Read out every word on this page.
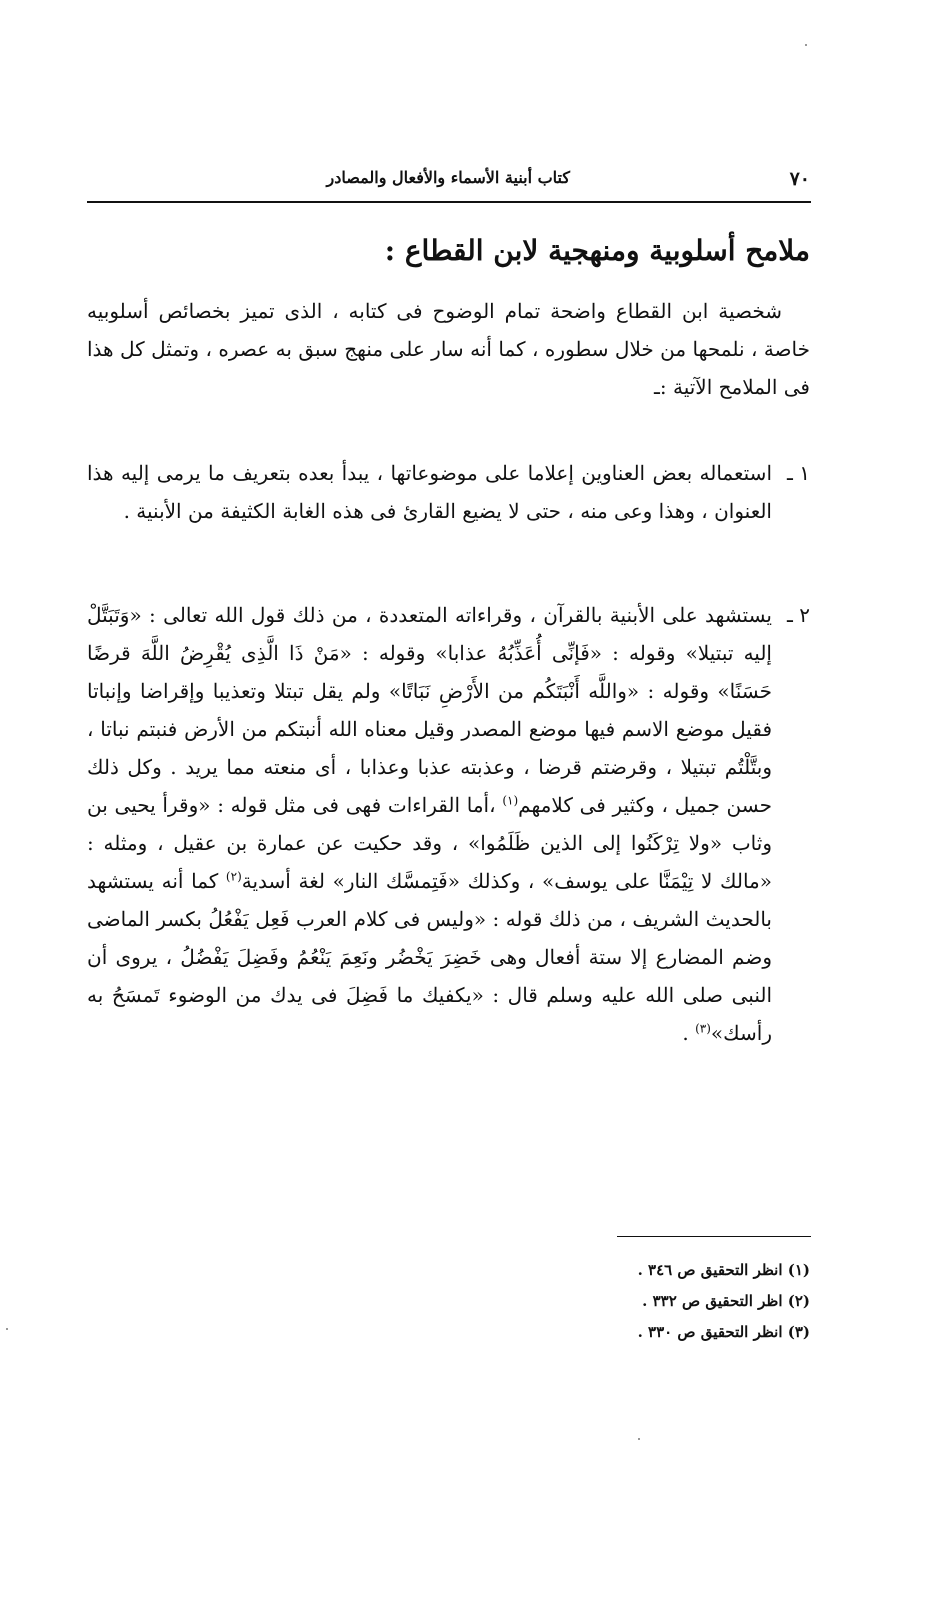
٧٠
كتاب أبنية الأسماء والأفعال والمصادر
ملامح أسلوبية ومنهجية لابن القطاع :
شخصية ابن القطاع واضحة تمام الوضوح فى كتابه ، الذى تميز بخصائص أسلوبيه خاصة ، نلمحها من خلال سطوره ، كما أنه سار على منهج سبق به عصره ، وتمثل كل هذا فى الملامح الآتية :ـ
١ ـ
استعماله بعض العناوين إعلاما على موضوعاتها ، يبدأ بعده بتعريف ما يرمى إليه هذا العنوان ، وهذا وعى منه ، حتى لا يضيع القارئ فى هذه الغابة الكثيفة من الأبنية .
٢ ـ
يستشهد على الأبنية بالقرآن ، وقراءاته المتعددة ، من ذلك قول الله تعالى : «وَتَبَتَّلْ إليه تبتيلا» وقوله : «فَإنِّى أُعَذِّبُهُ عذابا» وقوله : «مَنْ ذَا الَّذِى يُقْرِضُ اللَّهَ قرضًا حَسَنًا» وقوله : «واللَّه أَنْبَتَكُم من الأَرْضِ نَبَاتًا» ولم يقل تبتلا وتعذيبا وإقراضا وإنباتا فقيل موضع الاسم فيها موضع المصدر وقيل معناه الله أنبتكم من الأرض فنبتم نباتا ، وبتَّلْتُم تبتيلا ، وقرضتم قرضا ، وعذبته عذبا وعذابا ، أى منعته مما يريد . وكل ذلك حسن جميل ، وكثير فى كلامهم$^{(١)}$ ،أما القراءات فهى فى مثل قوله : «وقرأ يحيى بن وثاب «ولا تِرْكَنُوا إلى الذين ظَلَمُوا» ، وقد حكيت عن عمارة بن عقيل ، ومثله : «مالك لا تِيْمَنَّا على يوسف» ، وكذلك «فَتِمسَّك النار» لغة أسدية$^{(٢)}$ كما أنه يستشهد بالحديث الشريف ، من ذلك قوله : «وليس فى كلام العرب فَعِل يَفْعُلُ بكسر الماضى وضم المضارع إلا ستة أفعال وهى خَضِرَ يَخْضُر ونَعِمَ يَنْعُمُ وفَضِلَ يَفْضُلُ ، يروى أن النبى صلى الله عليه وسلم قال : «يكفيك ما فَضِلَ فى يدك من الوضوء تَمسَحُ به رأسك»$^{(٣)}$ .
(١) انظر التحقيق ص ٣٤٦ .
(٢) اظر التحقيق ص ٣٣٢ .
(٣) انظر التحقيق ص ٣٣٠ .
